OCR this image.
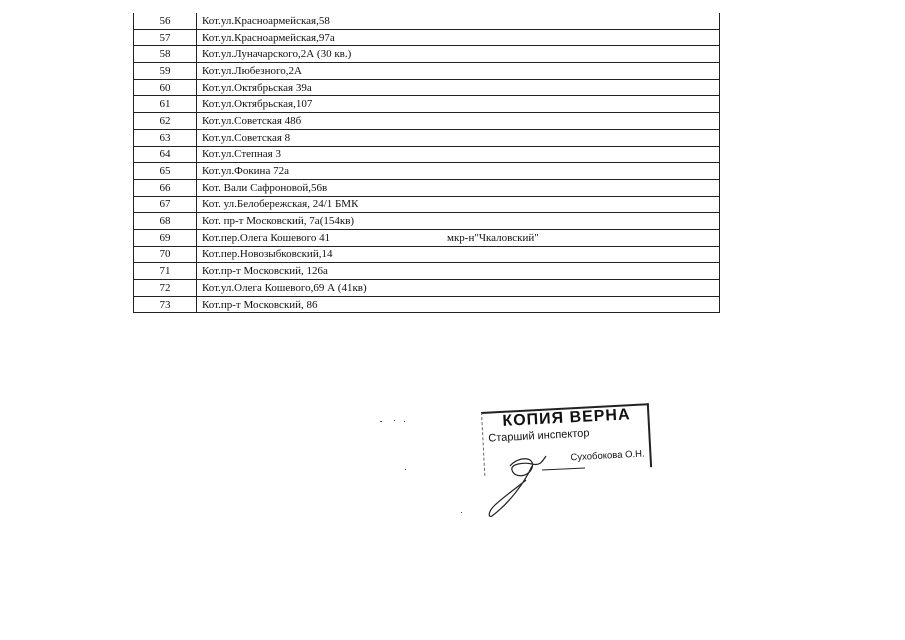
56	Кот.ул.Красноармейская,58
57	Кот.ул.Красноармейская,97а
58	Кот.ул.Луначарского,2А (30 кв.)
59	Кот.ул.Любезного,2А
60	Кот.ул.Октябрьская 39а
61	Кот.ул.Октябрьская,107
62	Кот.ул.Советская 48б
63	Кот.ул.Советская 8
64	Кот.ул.Степная 3
65	Кот.ул.Фокина 72а
66	Кот. Вали Сафроновой,56в
67	Кот. ул.Белобережская, 24/1 БМК
68	Кот. пр-т Московский, 7а(154кв)
69	Кот.пер.Олега Кошевого 41 мкр-н"Чкаловский"

70	Кот.пер.Новозыбковский,14
71	Кот.пр-т Московский, 126а
72	Кот.ул.Олега Кошевого,69 А (41кв)
73	Кот.пр-т Московский, 86
КОПИЯ ВЕРНА
Старший инспектор
Сухобокова О.Н.
